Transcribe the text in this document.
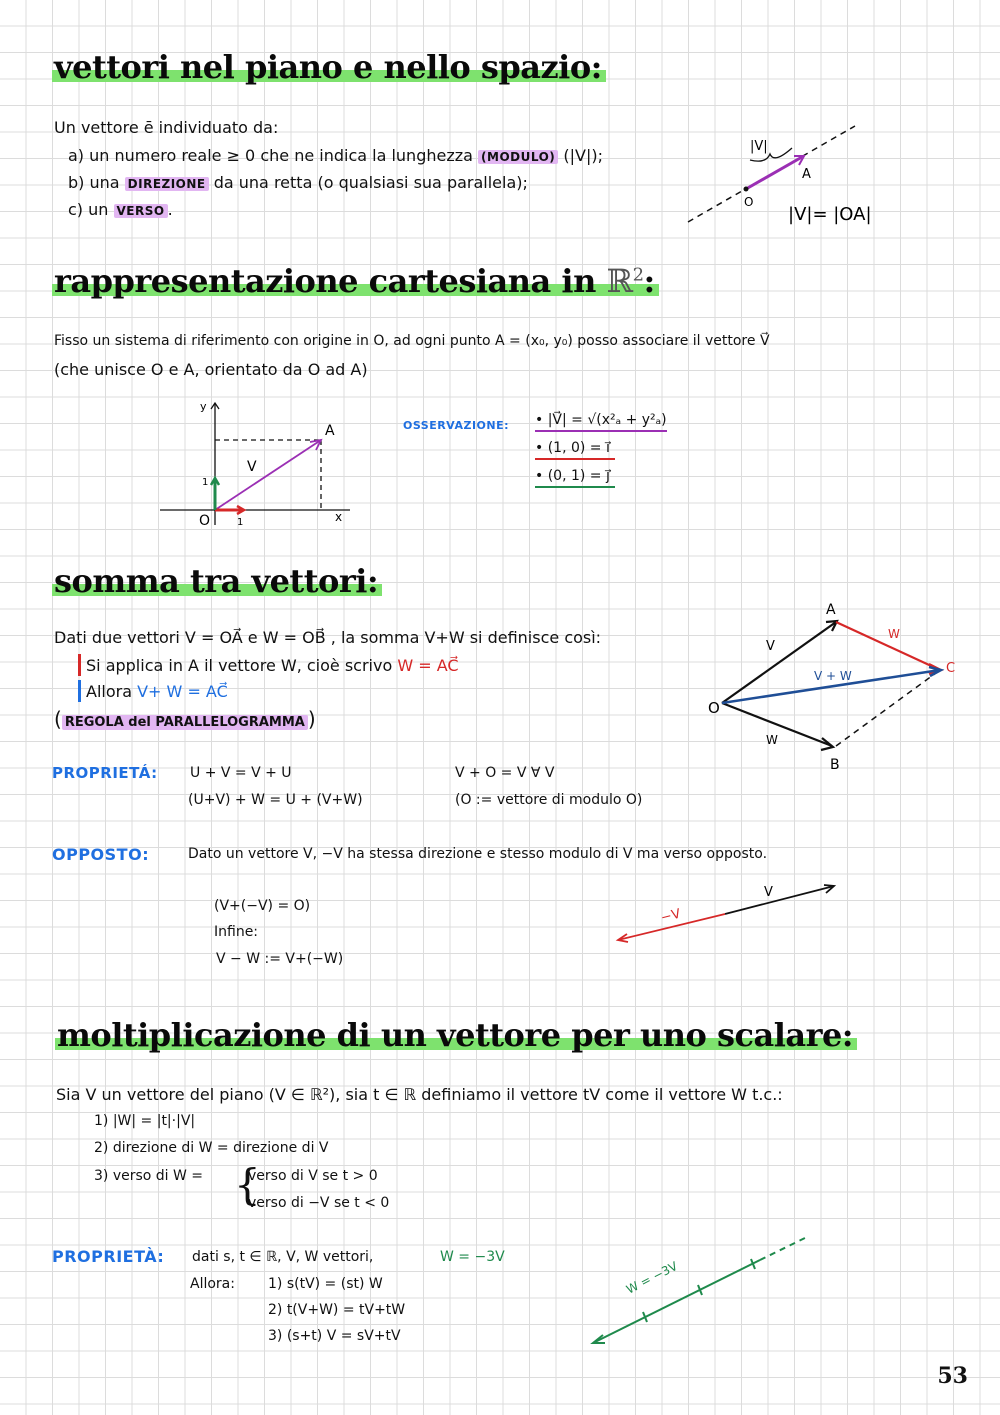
vettori nel piano e nello spazio:
Un vettore ē individuato da:
a) un numero reale ≥ 0 che ne indica la lunghezza (MODULO) (|V|);
b) una DIREZIONE da una retta (o qualsiasi sua parallela);
c) un VERSO .
|V|
A
O
|V|= |OA|
rappresentazione cartesiana in ℝ$^2$:
Fisso un sistema di riferimento con origine in O, ad ogni punto A = (x₀, y₀) posso associare il vettore V⃗
(che unisce O e A, orientato da O ad A)
y
x
A
V
O	1
1
OSSERVAZIONE: • |V⃗| = √(x²ₐ + y²ₐ)
• (1, 0) = i⃗
• (0, 1) = j⃗
somma tra vettori:
Dati due vettori V = OA⃗ e W = OB⃗ , la somma V+W si definisce così:
Si applica in A il vettore W, cioè scrivo W = AC⃗
Allora V+ W = AC⃗
( REGOLA del PARALLELOGRAMMA )
A
B
C
O
V
W
W
V + W
PROPRIETÁ: U + V = V + U
(U+V) + W = U + (V+W)
V + O = V ∀ V
(O := vettore di modulo O)
OPPOSTO:	Dato un vettore V, −V ha stessa direzione e stesso modulo di V ma verso opposto.
(V+(−V) = O)
Infine:
V − W := V+(−W)
V
−V
moltiplicazione di un vettore per uno scalare:
Sia V un vettore del piano (V ∈ ℝ²), sia t ∈ ℝ definiamo il vettore tV come il vettore W t.c.:
1) |W| = |t|·|V|
2) direzione di W = direzione di V
3) verso di W = {
verso di V se t > 0
verso di −V se t < 0
PROPRIETÀ: dati s, t ∈ ℝ, V, W vettori,	W = −3V
Allora: 1) s(tV) = (st) W
2) t(V+W) = tV+tW
3) (s+t) V = sV+tV
W = −3V
53
